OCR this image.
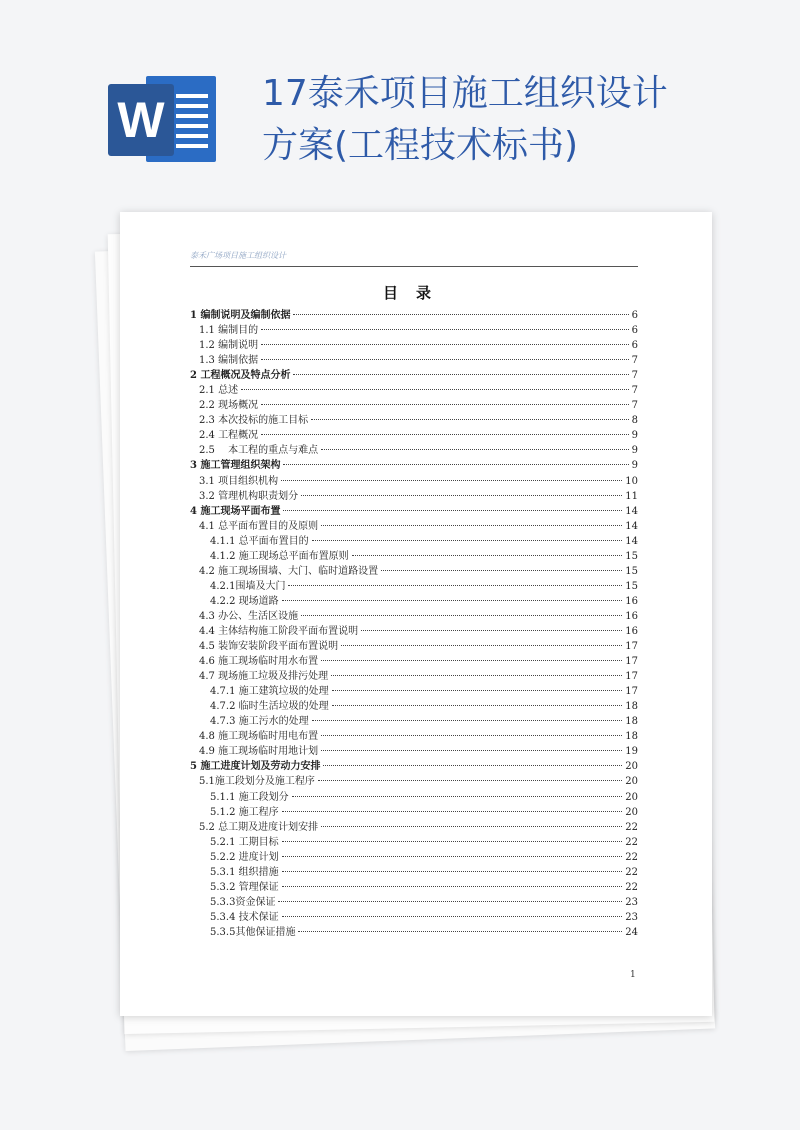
W	17泰禾项目施工组织设计方案(工程技术标书)
泰禾广场项目施工组织设计
目录
1 编制说明及编制依据	6
1.1 编制目的	6
1.2 编制说明	6
1.3 编制依据	7
2 工程概况及特点分析	7
2.1 总述	7
2.2 现场概况	7
2.3 本次投标的施工目标	8
2.4 工程概况	9
2.5　 本工程的重点与难点	9
3 施工管理组织架构	9
3.1 项目组织机构	10
3.2 管理机构职责划分	11
4 施工现场平面布置	14
4.1 总平面布置目的及原则	14
4.1.1 总平面布置目的	14
4.1.2 施工现场总平面布置原则	15
4.2 施工现场围墙、大门、临时道路设置	15
4.2.1围墙及大门	15
4.2.2 现场道路	16
4.3 办公、生活区设施	16
4.4 主体结构施工阶段平面布置说明	16
4.5 装饰安装阶段平面布置说明	17
4.6 施工现场临时用水布置	17
4.7 现场施工垃圾及排污处理	17
4.7.1 施工建筑垃圾的处理	17
4.7.2 临时生活垃圾的处理	18
4.7.3 施工污水的处理	18
4.8 施工现场临时用电布置	18
4.9 施工现场临时用地计划	19
5 施工进度计划及劳动力安排	20
5.1施工段划分及施工程序	20
5.1.1 施工段划分	20
5.1.2 施工程序	20
5.2 总工期及进度计划安排	22
5.2.1 工期目标	22
5.2.2 进度计划	22
5.3.1 组织措施	22
5.3.2 管理保证	22
5.3.3资金保证	23
5.3.4 技术保证	23
5.3.5其他保证措施	24
1
